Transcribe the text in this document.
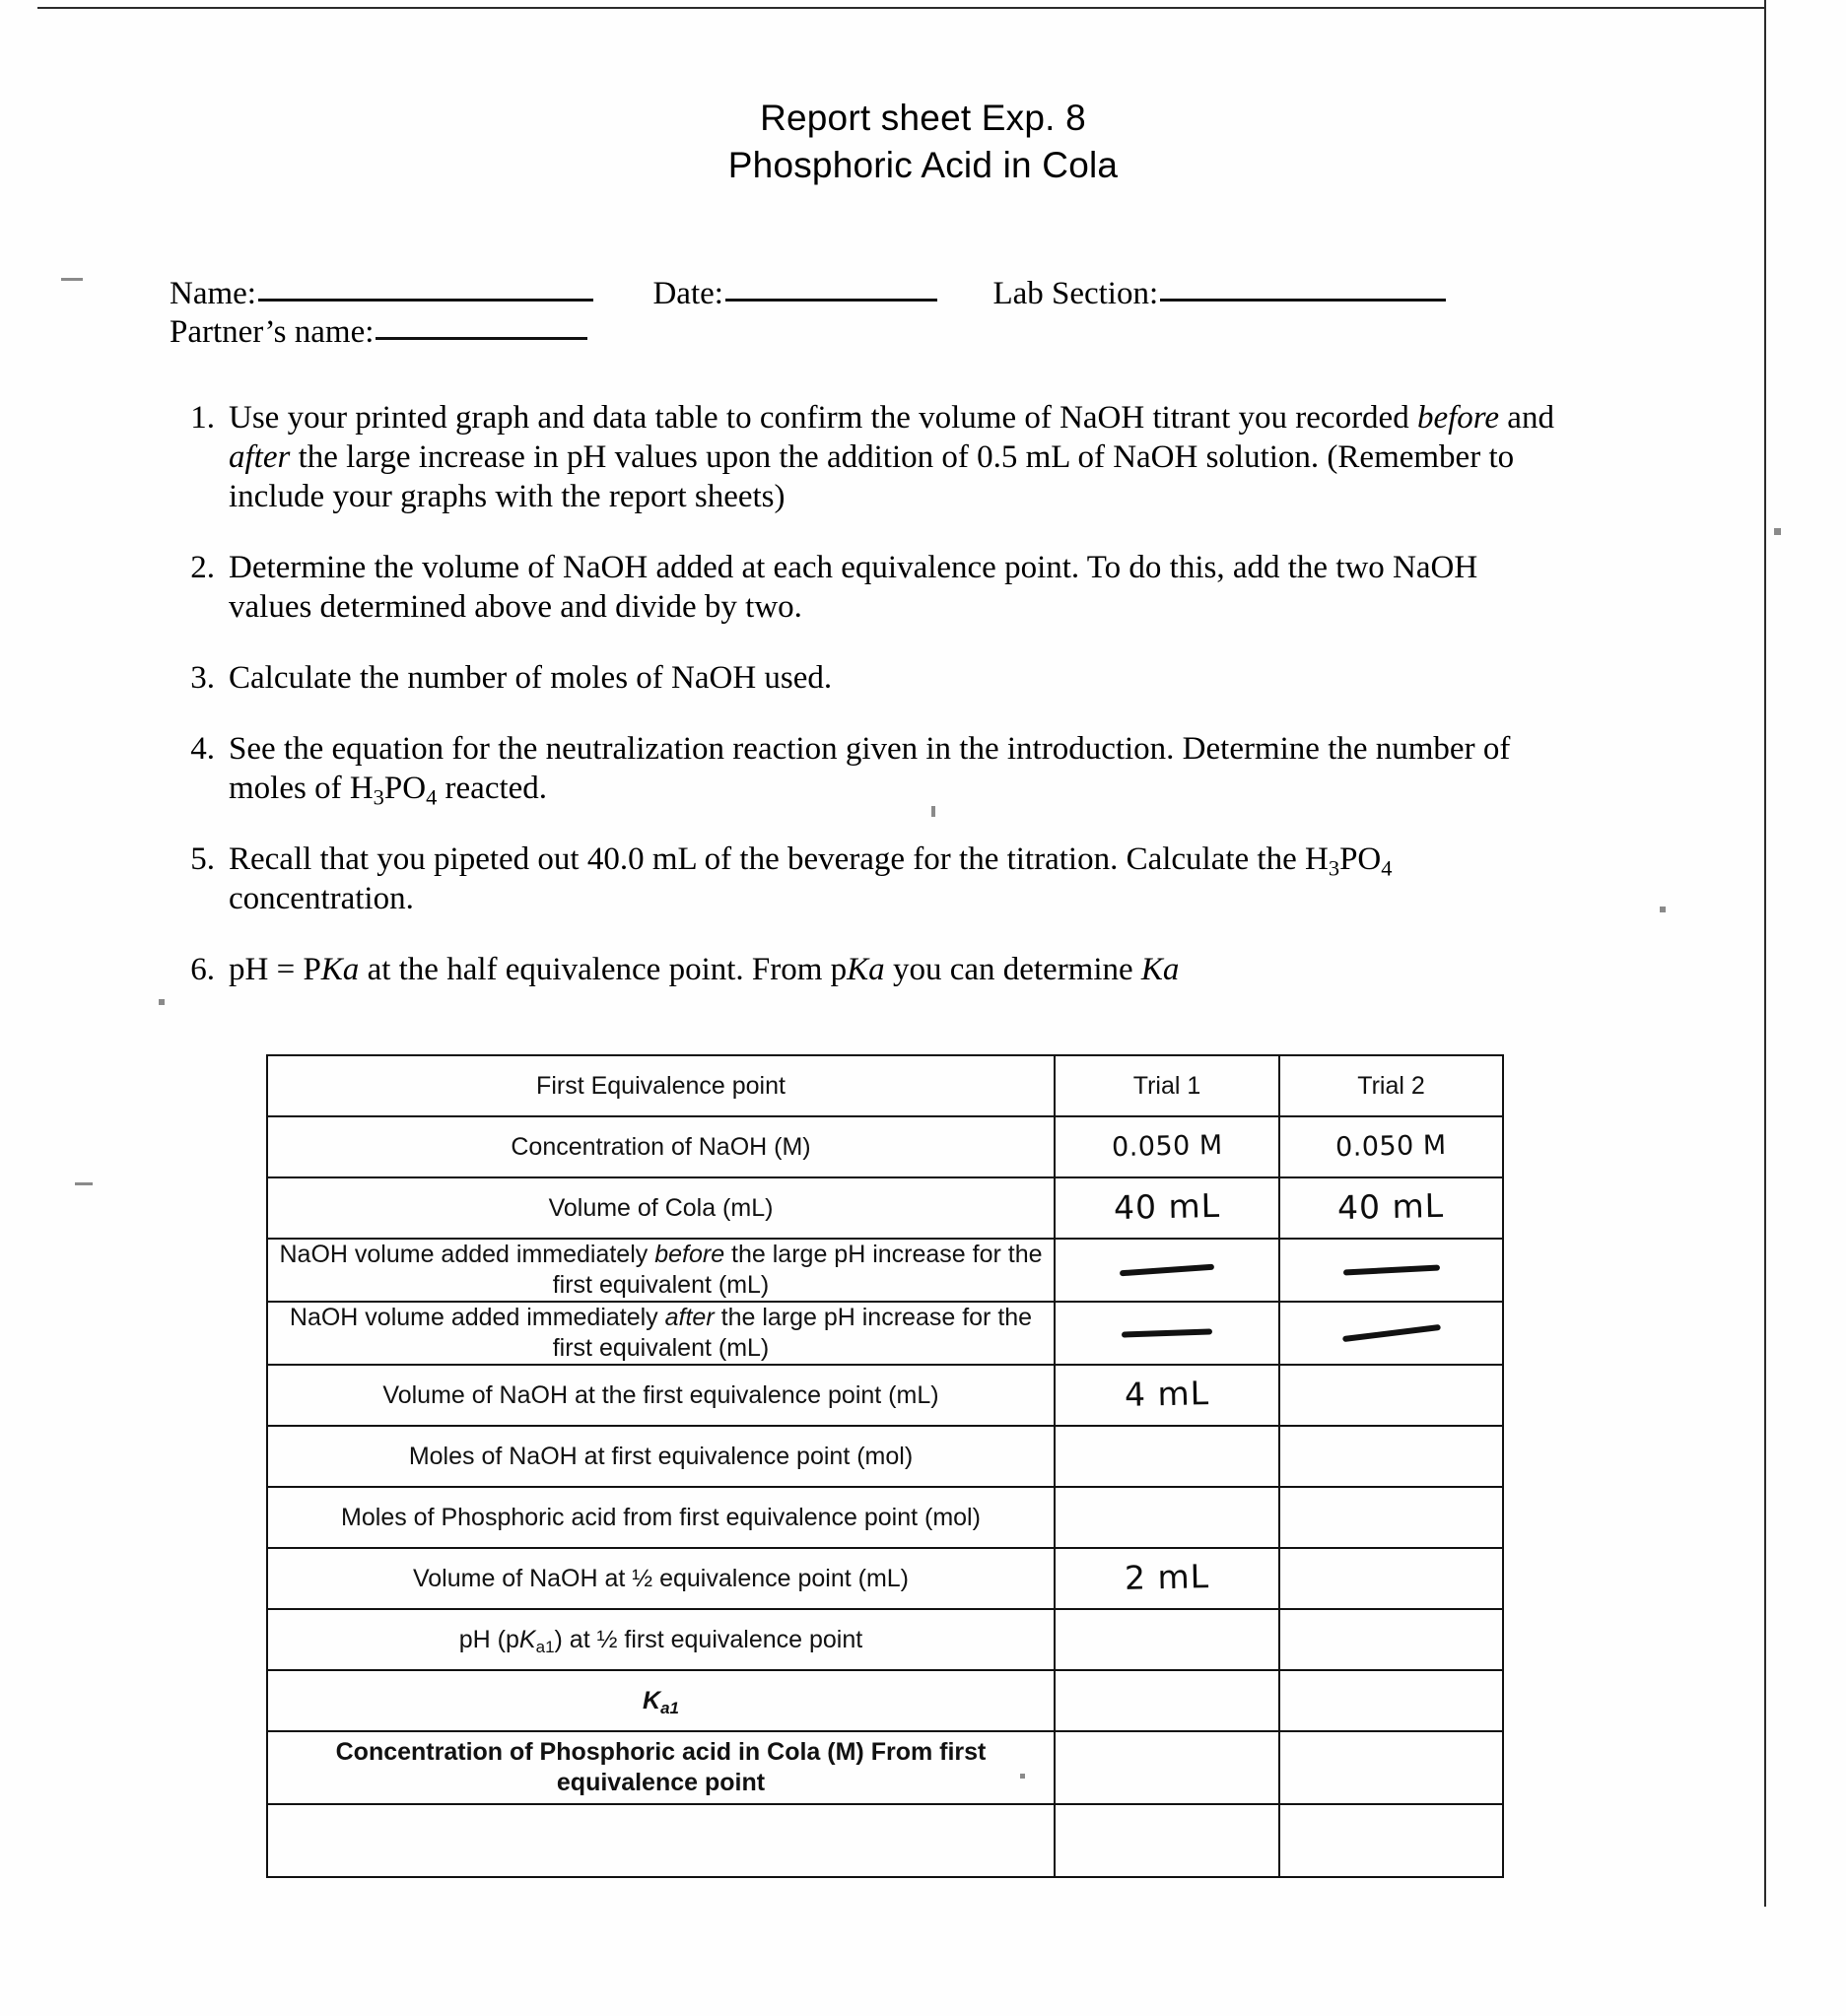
Report sheet Exp. 8
Phosphoric Acid in Cola
Name:	Date:	Lab Section:
Partner’s name:
1. Use your printed graph and data table to confirm the volume of NaOH titrant you recorded before and after the large increase in pH values upon the addition of 0.5 mL of NaOH solution. (Remember to include your graphs with the report sheets)
2. Determine the volume of NaOH added at each equivalence point. To do this, add the two NaOH values determined above and divide by two.
3. Calculate the number of moles of NaOH used.
4. See the equation for the neutralization reaction given in the introduction. Determine the number of moles of $H_3PO_4$ reacted.
5. Recall that you pipeted out 40.0 mL of the beverage for the titration. Calculate the $H_3PO_4$ concentration.
6. pH = PKa at the half equivalence point. From pKa you can determine Ka
First Equivalence point	Trial 1	Trial 2
Concentration of NaOH (M)	0.050 M	0.050 M
Volume of Cola (mL)	40 mL	40 mL
NaOH volume added immediately before the large pH increase for the first equivalent (mL)	

NaOH volume added immediately after the large pH increase for the first equivalent (mL)	

Volume of NaOH at the first equivalence point (mL)	4 mL	
Moles of NaOH at first equivalence point (mol)		
Moles of Phosphoric acid from first equivalence point (mol)		
Volume of NaOH at ½ equivalence point (mL)	2 mL	
pH $(pK_{a1})$ at ½ first equivalence point		
$K_{a1}$		
Concentration of Phosphoric acid in Cola (M) From first equivalence point		
